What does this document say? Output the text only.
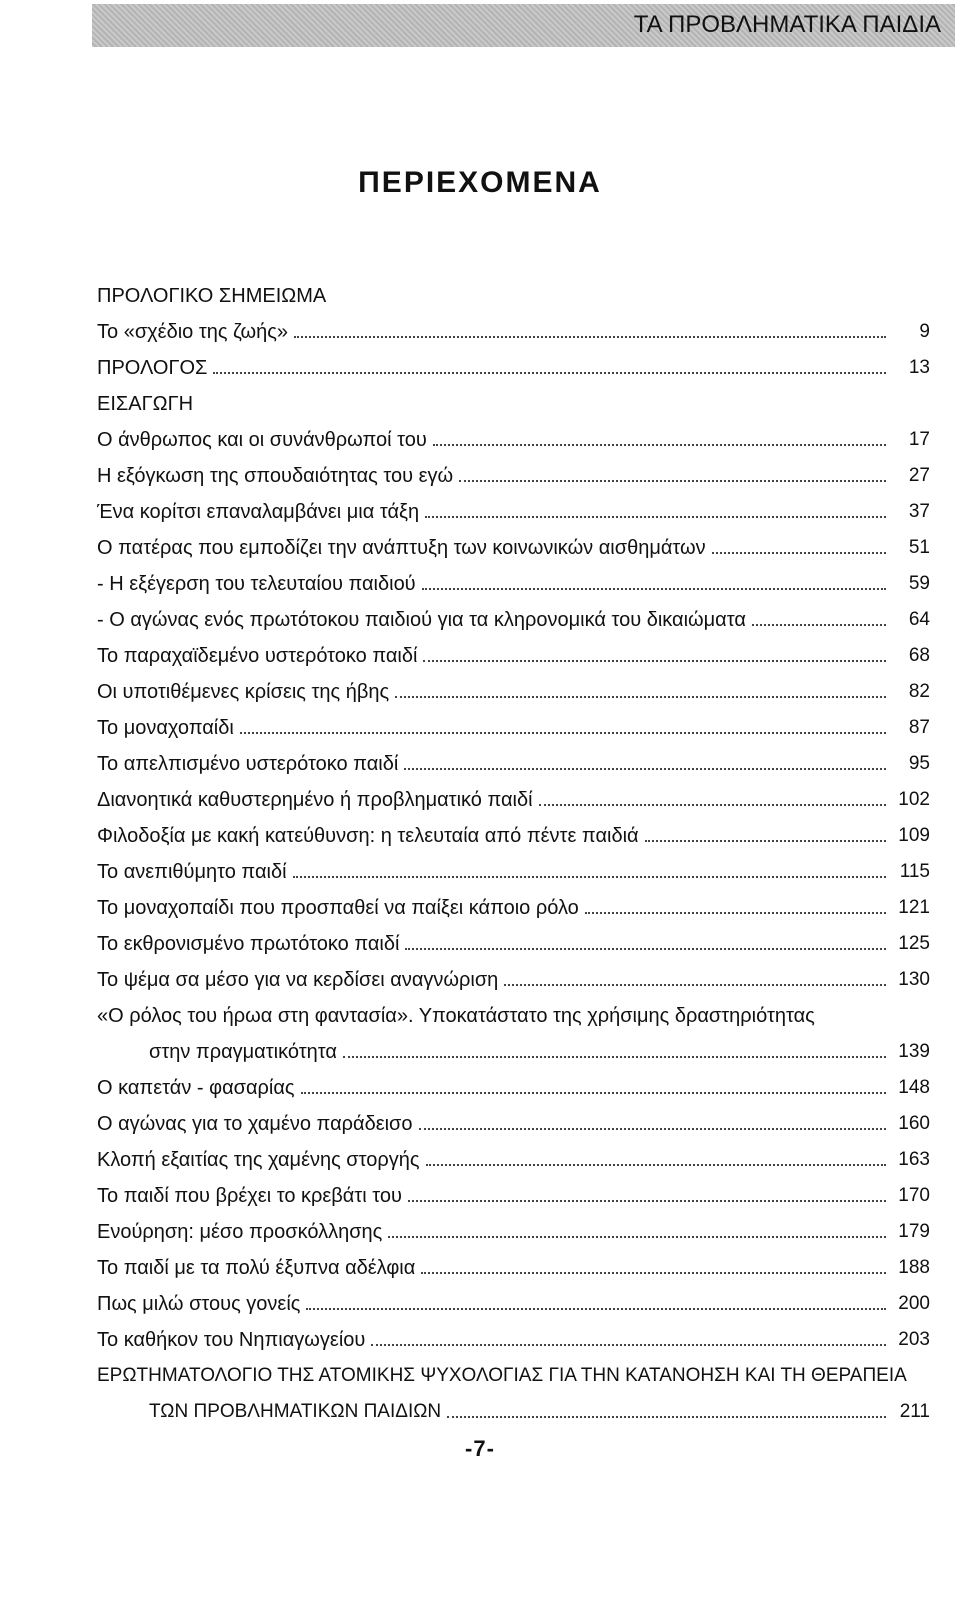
ΤΑ ΠΡΟΒΛΗΜΑΤΙΚΑ ΠΑΙΔΙΑ
ΠΕΡΙΕΧΟΜΕΝΑ
ΠΡΟΛΟΓΙΚΟ ΣΗΜΕΙΩΜΑ
Το «σχέδιο της ζωής»	9
ΠΡΟΛΟΓΟΣ	13
ΕΙΣΑΓΩΓΗ
Ο άνθρωπος και οι συνάνθρωποί του	17
Η εξόγκωση της σπουδαιότητας του εγώ	27
Ένα κορίτσι επαναλαμβάνει μια τάξη	37
Ο πατέρας που εμποδίζει την ανάπτυξη των κοινωνικών αισθημάτων	51
- Η εξέγερση του τελευταίου παιδιού	59
- Ο αγώνας ενός πρωτότοκου παιδιού για τα κληρονομικά του δικαιώματα	64
Το παραχαϊδεμένο υστερότοκο παιδί	68
Οι υποτιθέμενες κρίσεις της ήβης	82
Το μοναχοπαίδι	87
Το απελπισμένο υστερότοκο παιδί	95
Διανοητικά καθυστερημένο ή προβληματικό παιδί	102
Φιλοδοξία με κακή κατεύθυνση: η τελευταία από πέντε παιδιά	109
Το ανεπιθύμητο παιδί	115
Το μοναχοπαίδι που προσπαθεί να παίξει κάποιο ρόλο	121
Το εκθρονισμένο πρωτότοκο παιδί	125
Το ψέμα σα μέσο για να κερδίσει αναγνώριση	130
«Ο ρόλος του ήρωα στη φαντασία». Υποκατάστατο της χρήσιμης δραστηριότητας
στην πραγματικότητα	139
Ο καπετάν - φασαρίας	148
Ο αγώνας για το χαμένο παράδεισο	160
Κλοπή εξαιτίας της χαμένης στοργής	163
Το παιδί που βρέχει το κρεβάτι του	170
Ενούρηση: μέσο προσκόλλησης	179
Το παιδί με τα πολύ έξυπνα αδέλφια	188
Πως μιλώ στους γονείς	200
Το καθήκον του Νηπιαγωγείου	203
ΕΡΩΤΗΜΑΤΟΛΟΓΙΟ ΤΗΣ ΑΤΟΜΙΚΗΣ ΨΥΧΟΛΟΓΙΑΣ ΓΙΑ ΤΗΝ ΚΑΤΑΝΟΗΣΗ ΚΑΙ ΤΗ ΘΕΡΑΠΕΙΑ
ΤΩΝ ΠΡΟΒΛΗΜΑΤΙΚΩΝ ΠΑΙΔΙΩΝ	211
-7-
